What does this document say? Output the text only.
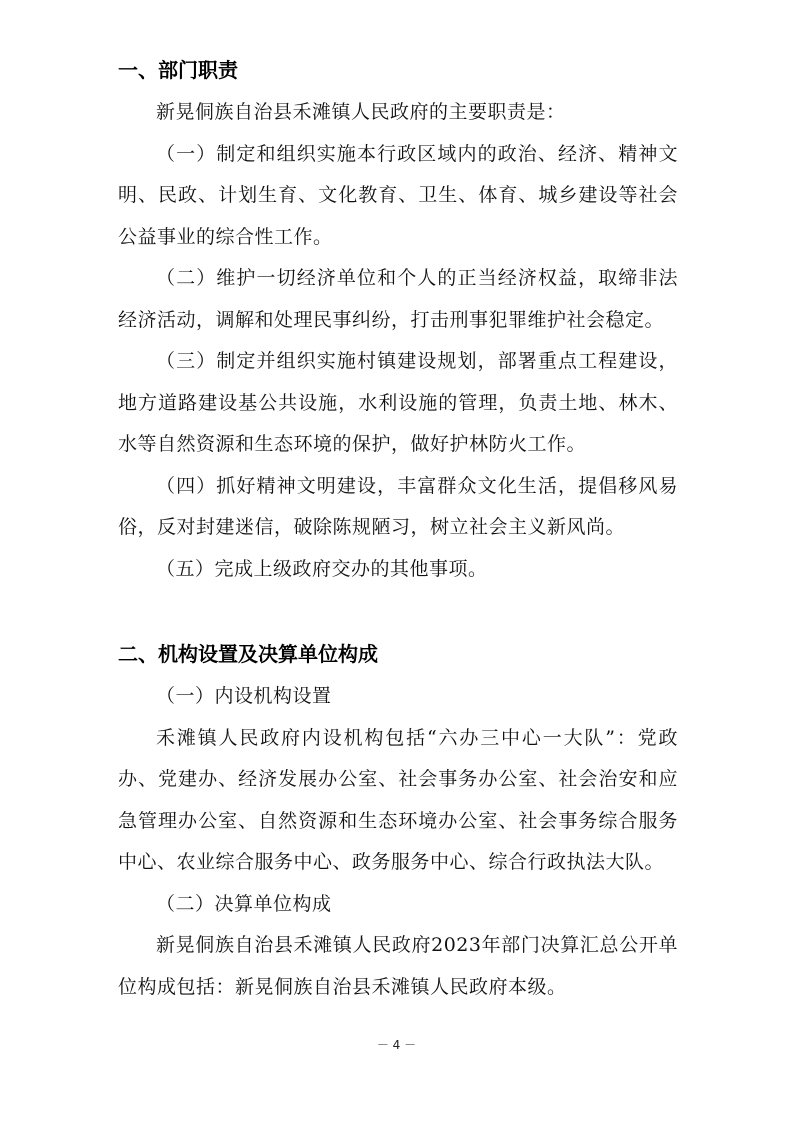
一、部门职责

新晃侗族自治县禾滩镇人民政府的主要职责是：

（一）制定和组织实施本行政区域内的政治、经济、精神文明、民政、计划生育、文化教育、卫生、体育、城乡建设等社会公益事业的综合性工作。

（二）维护一切经济单位和个人的正当经济权益，取缔非法经济活动，调解和处理民事纠纷，打击刑事犯罪维护社会稳定。

（三）制定并组织实施村镇建设规划，部署重点工程建设，地方道路建设基公共设施，水利设施的管理，负责土地、林木、水等自然资源和生态环境的保护，做好护林防火工作。

（四）抓好精神文明建设，丰富群众文化生活，提倡移风易俗，反对封建迷信，破除陈规陋习，树立社会主义新风尚。

（五）完成上级政府交办的其他事项。

二、机构设置及决算单位构成

（一）内设机构设置

禾滩镇人民政府内设机构包括“六办三中心一大队”：党政办、党建办、经济发展办公室、社会事务办公室、社会治安和应急管理办公室、自然资源和生态环境办公室、社会事务综合服务中心、农业综合服务中心、政务服务中心、综合行政执法大队。

（二）决算单位构成

新晃侗族自治县禾滩镇人民政府2023年部门决算汇总公开单位构成包括：新晃侗族自治县禾滩镇人民政府本级。

－ 4 －
